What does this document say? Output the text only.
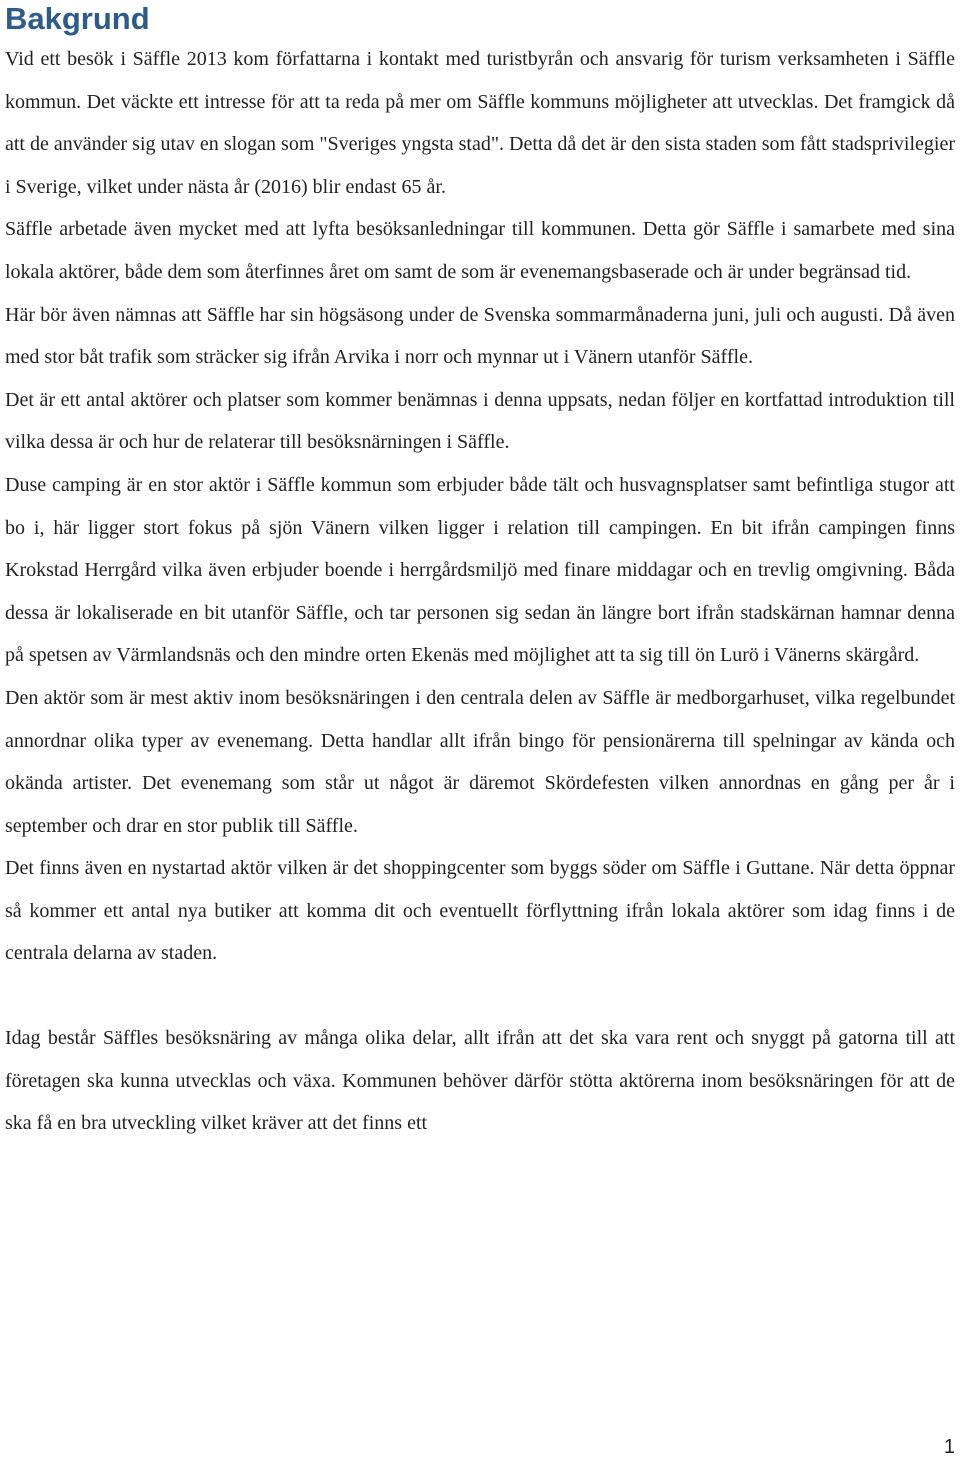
Bakgrund

Vid ett besök i Säffle 2013 kom författarna i kontakt med turistbyrån och ansvarig för turism verksamheten i Säffle kommun. Det väckte ett intresse för att ta reda på mer om Säffle kommuns möjligheter att utvecklas. Det framgick då att de använder sig utav en slogan som "Sveriges yngsta stad". Detta då det är den sista staden som fått stadsprivilegier i Sverige, vilket under nästa år (2016) blir endast 65 år.

Säffle arbetade även mycket med att lyfta besöksanledningar till kommunen. Detta gör Säffle i samarbete med sina lokala aktörer, både dem som återfinnes året om samt de som är evenemangsbaserade och är under begränsad tid.

Här bör även nämnas att Säffle har sin högsäsong under de Svenska sommarmånaderna juni, juli och augusti. Då även med stor båt trafik som sträcker sig ifrån Arvika i norr och mynnar ut i Vänern utanför Säffle.

Det är ett antal aktörer och platser som kommer benämnas i denna uppsats, nedan följer en kortfattad introduktion till vilka dessa är och hur de relaterar till besöksnärningen i Säffle.

Duse camping är en stor aktör i Säffle kommun som erbjuder både tält och husvagnsplatser samt befintliga stugor att bo i, här ligger stort fokus på sjön Vänern vilken ligger i relation till campingen. En bit ifrån campingen finns Krokstad Herrgård vilka även erbjuder boende i herrgårdsmiljö med finare middagar och en trevlig omgivning. Båda dessa är lokaliserade en bit utanför Säffle, och tar personen sig sedan än längre bort ifrån stadskärnan hamnar denna på spetsen av Värmlandsnäs och den mindre orten Ekenäs med möjlighet att ta sig till ön Lurö i Vänerns skärgård.

Den aktör som är mest aktiv inom besöksnäringen i den centrala delen av Säffle är medborgarhuset, vilka regelbundet annordnar olika typer av evenemang. Detta handlar allt ifrån bingo för pensionärerna till spelningar av kända och okända artister. Det evenemang som står ut något är däremot Skördefesten vilken annordnas en gång per år i september och drar en stor publik till Säffle.

Det finns även en nystartad aktör vilken är det shoppingcenter som byggs söder om Säffle i Guttane. När detta öppnar så kommer ett antal nya butiker att komma dit och eventuellt förflyttning ifrån lokala aktörer som idag finns i de centrala delarna av staden.

Idag består Säffles besöksnäring av många olika delar, allt ifrån att det ska vara rent och snyggt på gatorna till att företagen ska kunna utvecklas och växa. Kommunen behöver därför stötta aktörerna inom besöksnäringen för att de ska få en bra utveckling vilket kräver att det finns ett

1
